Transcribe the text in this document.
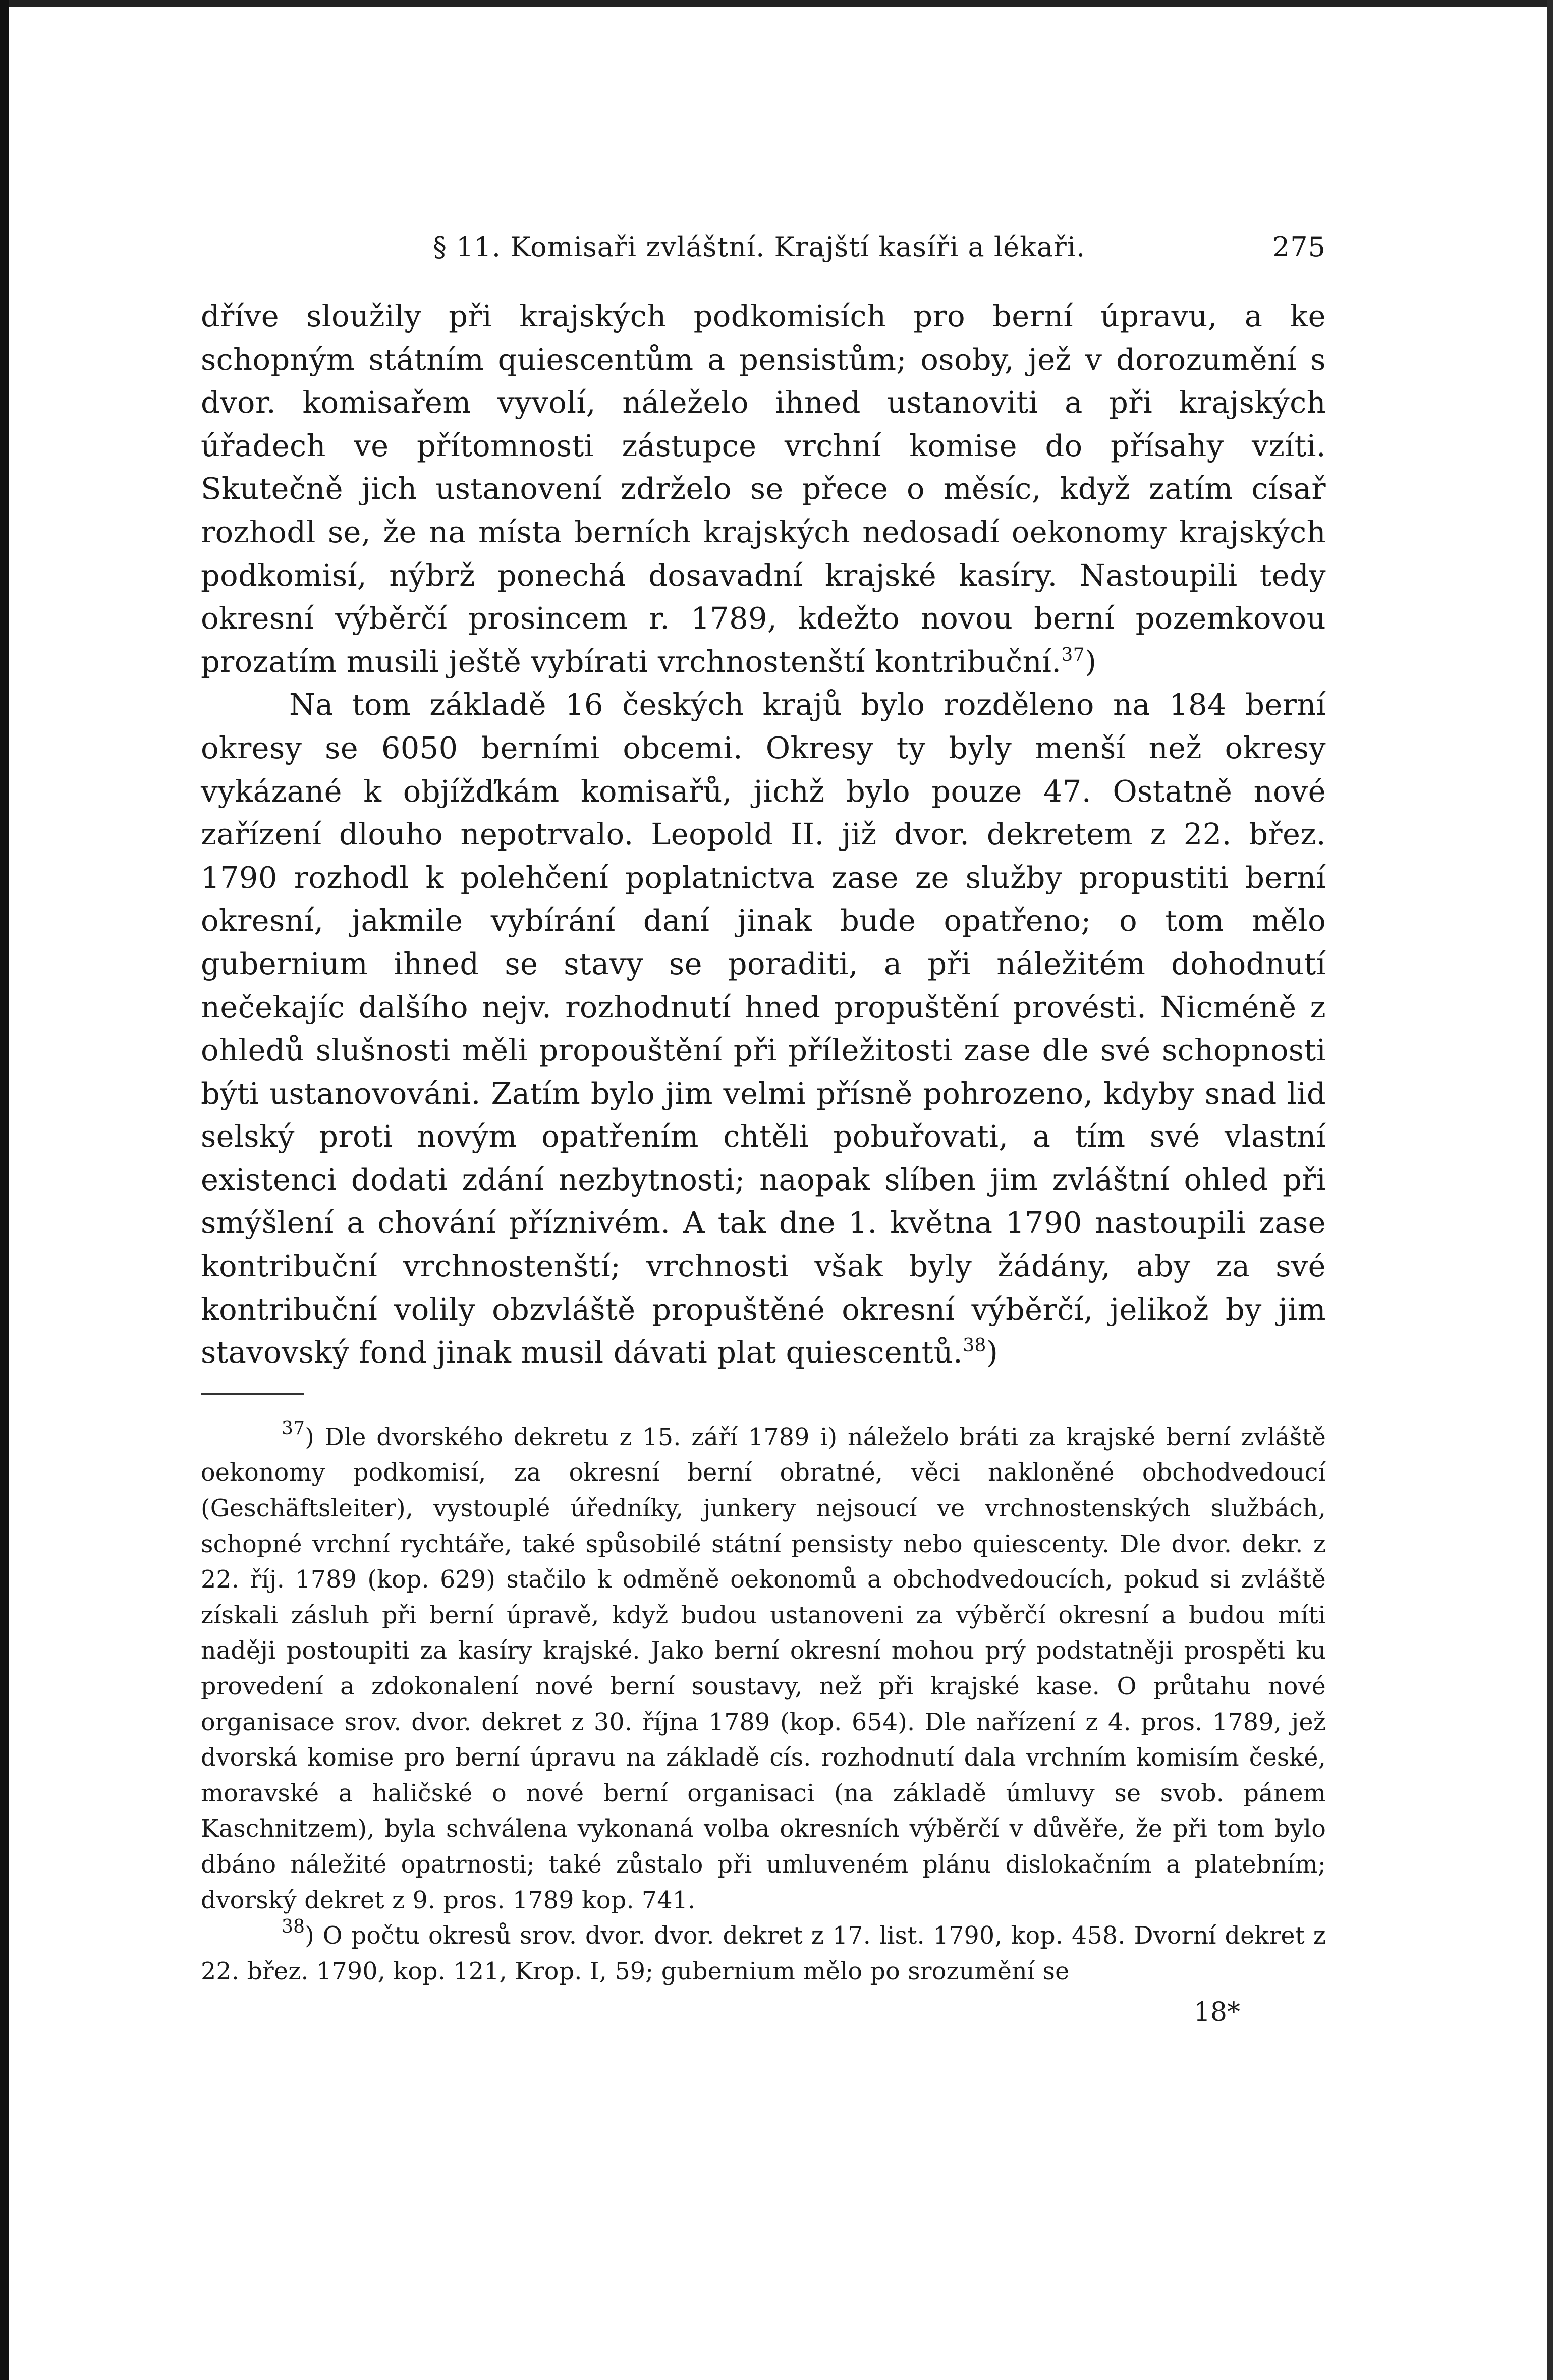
§ 11. Komisaři zvláštní. Krajští kasíři a lékaři.	275

dříve sloužily při krajských podkomisích pro berní úpravu, a ke schopným státním quiescentům a pensistům; osoby, jež v dorozumění s dvor. komisařem vyvolí, náleželo ihned ustanoviti a při krajských úřadech ve přítomnosti zástupce vrchní komise do přísahy vzíti. Skutečně jich ustanovení zdrželo se přece o měsíc, když zatím císař rozhodl se, že na místa berních krajských nedosadí oekonomy krajských podkomisí, nýbrž ponechá dosavadní krajské kasíry. Nastoupili tedy okresní výběrčí prosincem r. 1789, kdežto novou berní pozemkovou prozatím musili ještě vybírati vrchnostenští kontribuční.$^{37}$)

Na tom základě 16 českých krajů bylo rozděleno na 184 berní okresy se 6050 berními obcemi. Okresy ty byly menší než okresy vykázané k objížďkám komisařů, jichž bylo pouze 47. Ostatně nové zařízení dlouho nepotrvalo. Leopold II. již dvor. dekretem z 22. břez. 1790 rozhodl k polehčení poplatnictva zase ze služby propustiti berní okresní, jakmile vybírání daní jinak bude opatřeno; o tom mělo gubernium ihned se stavy se poraditi, a při náležitém dohodnutí nečekajíc dalšího nejv. rozhodnutí hned propuštění provésti. Nicméně z ohledů slušnosti měli propouštění při příležitosti zase dle své schopnosti býti ustanovováni. Zatím bylo jim velmi přísně pohrozeno, kdyby snad lid selský proti novým opatřením chtěli pobuřovati, a tím své vlastní existenci dodati zdání nezbytnosti; naopak slíben jim zvláštní ohled při smýšlení a chování příznivém. A tak dne 1. května 1790 nastoupili zase kontribuční vrchnostenští; vrchnosti však byly žádány, aby za své kontribuční volily obzvláště propuštěné okresní výběrčí, jelikož by jim stavovský fond jinak musil dávati plat quiescentů.$^{38}$)

$^{37}$) Dle dvorského dekretu z 15. září 1789 i) náleželo bráti za krajské berní zvláště oekonomy podkomisí, za okresní berní obratné, věci nakloněné obchodvedoucí (Geschäftsleiter), vystouplé úředníky, junkery nejsoucí ve vrchnostenských službách, schopné vrchní rychtáře, také spůsobilé státní pensisty nebo quiescenty. Dle dvor. dekr. z 22. říj. 1789 (kop. 629) stačilo k odměně oekonomů a obchodvedoucích, pokud si zvláště získali zásluh při berní úpravě, když budou ustanoveni za výběrčí okresní a budou míti naději postoupiti za kasíry krajské. Jako berní okresní mohou prý podstatněji prospěti ku provedení a zdokonalení nové berní soustavy, než při krajské kase. O průtahu nové organisace srov. dvor. dekret z 30. října 1789 (kop. 654). Dle nařízení z 4. pros. 1789, jež dvorská komise pro berní úpravu na základě cís. rozhodnutí dala vrchním komisím české, moravské a haličské o nové berní organisaci (na základě úmluvy se svob. pánem Kaschnitzem), byla schválena vykonaná volba okresních výběrčí v důvěře, že při tom bylo dbáno náležité opatrnosti; také zůstalo při umluveném plánu dislokačním a platebním; dvorský dekret z 9. pros. 1789 kop. 741.

$^{38}$) O počtu okresů srov. dvor. dvor. dekret z 17. list. 1790, kop. 458. Dvorní dekret z 22. břez. 1790, kop. 121, Krop. I, 59; gubernium mělo po srozumění se

18*
